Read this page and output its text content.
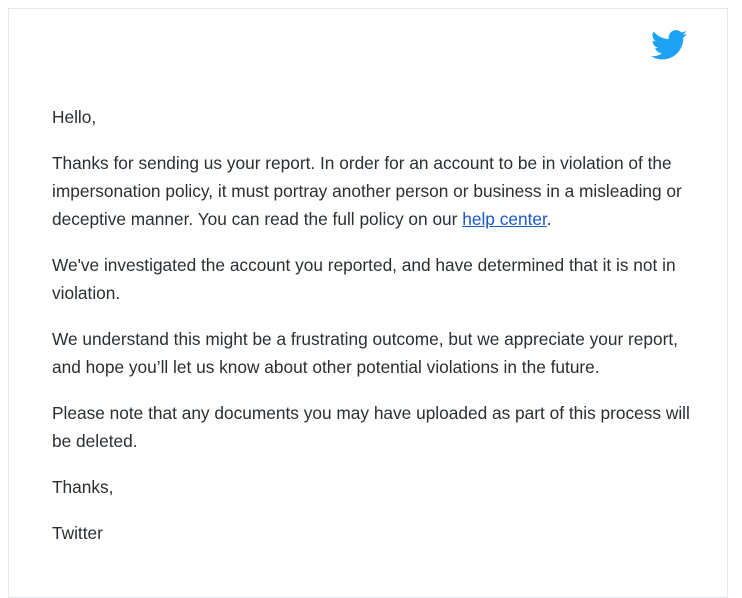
Hello,

Thanks for sending us your report. In order for an account to be in violation of the impersonation policy, it must portray another person or business in a misleading or deceptive manner. You can read the full policy on our help center.

We've investigated the account you reported, and have determined that it is not in violation.

We understand this might be a frustrating outcome, but we appreciate your report, and hope you’ll let us know about other potential violations in the future.

Please note that any documents you may have uploaded as part of this process will be deleted.

Thanks,

Twitter
